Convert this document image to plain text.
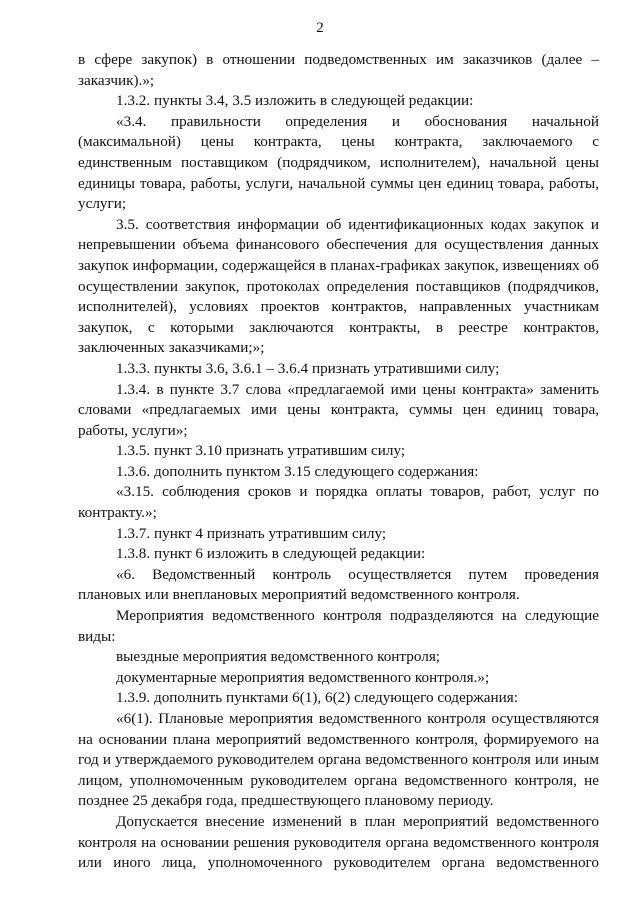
2

в сфере закупок) в отношении подведомственных им заказчиков (далее – заказчик).»;

1.3.2. пункты 3.4, 3.5 изложить в следующей редакции:

«3.4. правильности определения и обоснования начальной (максимальной) цены контракта, цены контракта, заключаемого с единственным поставщиком (подрядчиком, исполнителем), начальной цены единицы товара, работы, услуги, начальной суммы цен единиц товара, работы, услуги;

3.5. соответствия информации об идентификационных кодах закупок и непревышении объема финансового обеспечения для осуществления данных закупок информации, содержащейся в планах-графиках закупок, извещениях об осуществлении закупок, протоколах определения поставщиков (подрядчиков, исполнителей), условиях проектов контрактов, направленных участникам закупок, с которыми заключаются контракты, в реестре контрактов, заключенных заказчиками;»;

1.3.3. пункты 3.6, 3.6.1 – 3.6.4 признать утратившими силу;

1.3.4. в пункте 3.7 слова «предлагаемой ими цены контракта» заменить словами «предлагаемых ими цены контракта, суммы цен единиц товара, работы, услуги»;

1.3.5. пункт 3.10 признать утратившим силу;

1.3.6. дополнить пунктом 3.15 следующего содержания:

«3.15. соблюдения сроков и порядка оплаты товаров, работ, услуг по контракту.»;

1.3.7. пункт 4 признать утратившим силу;

1.3.8. пункт 6 изложить в следующей редакции:

«6. Ведомственный контроль осуществляется путем проведения плановых или внеплановых мероприятий ведомственного контроля.

Мероприятия ведомственного контроля подразделяются на следующие виды:

выездные мероприятия ведомственного контроля;

документарные мероприятия ведомственного контроля.»;

1.3.9. дополнить пунктами 6(1), 6(2) следующего содержания:

«6(1). Плановые мероприятия ведомственного контроля осуществляются на основании плана мероприятий ведомственного контроля, формируемого на год и утверждаемого руководителем органа ведомственного контроля или иным лицом, уполномоченным руководителем органа ведомственного контроля, не позднее 25 декабря года, предшествующего плановому периоду.

Допускается внесение изменений в план мероприятий ведомственного контроля на основании решения руководителя органа ведомственного контроля или иного лица, уполномоченного руководителем органа ведомственного
